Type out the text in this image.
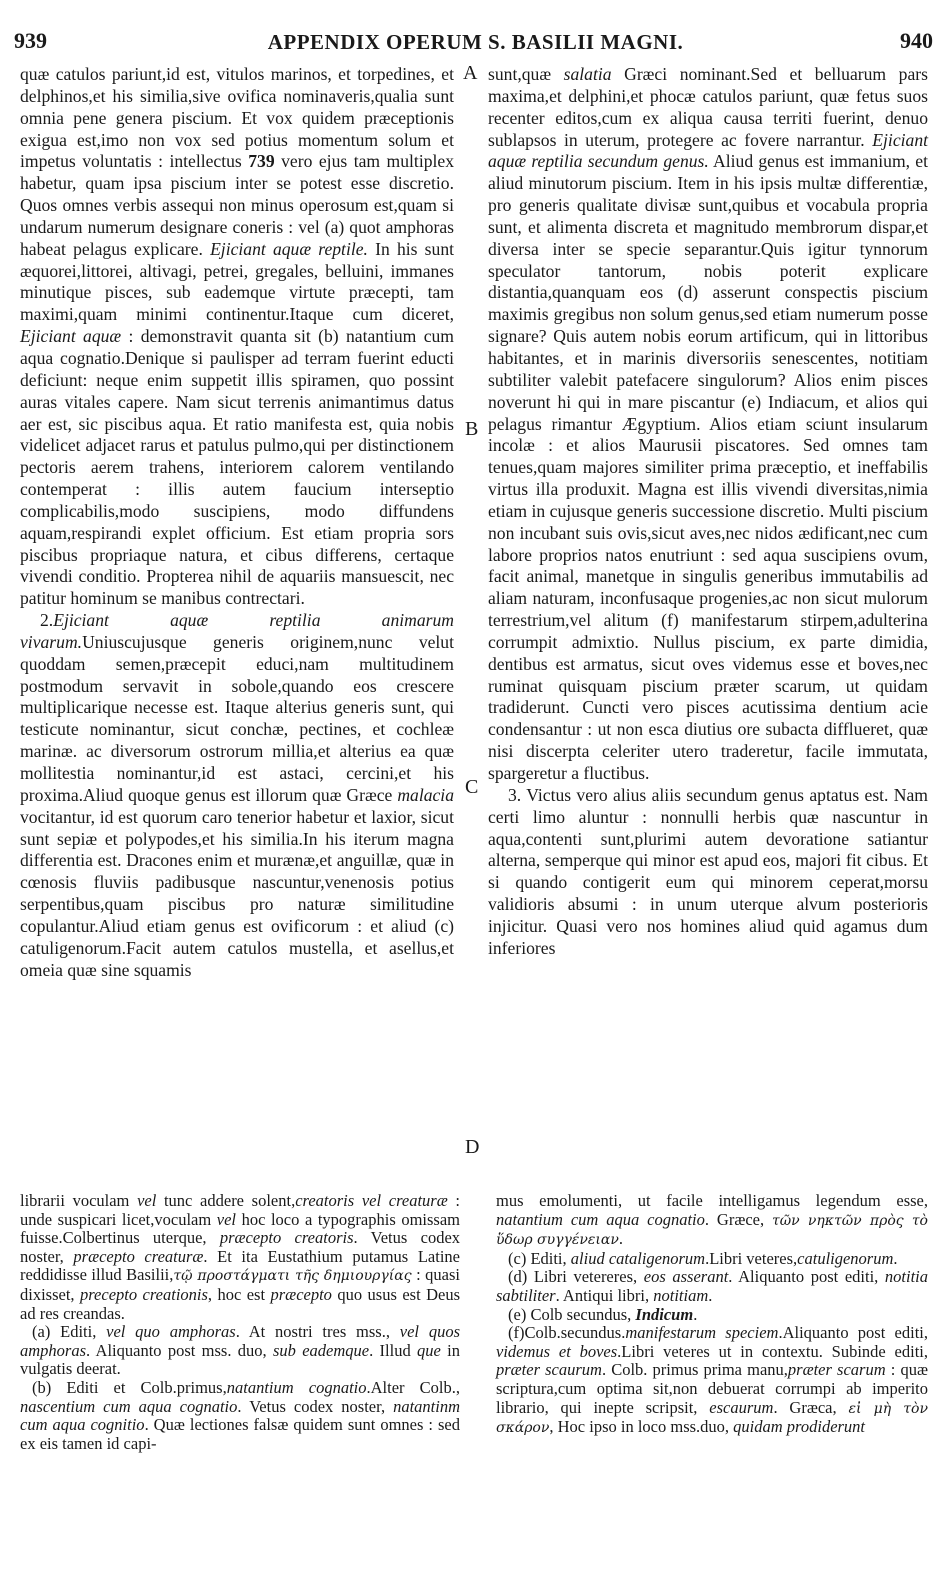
939	APPENDIX OPERUM S. BASILII MAGNI.	940

quæ catulos pariunt,id est, vitulos marinos, et torpedines, et delphinos,et his similia,sive ovifica nominaveris,qualia sunt omnia pene genera piscium. Et vox quidem præceptionis exigua est,imo non vox sed potius momentum solum et impetus voluntatis : intellectus 739 vero ejus tam multiplex habetur, quam ipsa piscium inter se potest esse discretio. Quos omnes verbis assequi non minus operosum est,quam si undarum numerum designare coneris : vel (a) quot amphoras habeat pelagus explicare. Ejiciant aquæ reptile. In his sunt æquorei,littorei, altivagi, petrei, gregales, belluini, immanes minutique pisces, sub eademque virtute præcepti, tam maximi,quam minimi continentur.Itaque cum diceret, Ejiciant aquæ : demonstravit quanta sit (b) natantium cum aqua cognatio.Denique si paulisper ad terram fuerint educti deficiunt: neque enim suppetit illis spiramen, quo possint auras vitales capere. Nam sicut terrenis animantimus datus aer est, sic piscibus aqua. Et ratio manifesta est, quia nobis videlicet adjacet rarus et patulus pulmo,qui per distinctionem pectoris aerem trahens, interiorem calorem ventilando contemperat : illis autem faucium interseptio complicabilis,modo suscipiens, modo diffundens aquam,respirandi explet officium. Est etiam propria sors piscibus propriaque natura, et cibus differens, certaque vivendi conditio. Propterea nihil de aquariis mansuescit, nec patitur hominum se manibus contrectari.

2.Ejiciant aquæ reptilia animarum vivarum.Uniuscujusque generis originem,nunc velut quoddam semen,præcepit educi,nam multitudinem postmodum servavit in sobole,quando eos crescere multiplicarique necesse est. Itaque alterius generis sunt, qui testicute nominantur, sicut conchæ, pectines, et cochleæ marinæ. ac diversorum ostrorum millia,et alterius ea quæ mollitestia nominantur,id est astaci, cercini,et his proxima.Aliud quoque genus est illorum quæ Græce malacia vocitantur, id est quorum caro tenerior habetur et laxior, sicut sunt sepiæ et polypodes,et his similia.In his iterum magna differentia est. Dracones enim et murænæ,et anguillæ, quæ in cœnosis fluviis padibusque nascuntur,venenosis potius serpentibus,quam piscibus pro naturæ similitudine copulantur.Aliud etiam genus est ovificorum : et aliud (c) catuligenorum.Facit autem catulos mustella, et asellus,et omeia quæ sine squamis

sunt,quæ salatia Græci nominant.Sed et belluarum pars maxima,et delphini,et phocæ catulos pariunt, quæ fetus suos recenter editos,cum ex aliqua causa territi fuerint, denuo sublapsos in uterum, protegere ac fovere narrantur. Ejiciant aquæ reptilia secundum genus. Aliud genus est immanium, et aliud minutorum piscium. Item in his ipsis multæ differentiæ, pro generis qualitate divisæ sunt,quibus et vocabula propria sunt, et alimenta discreta et magnitudo membrorum dispar,et diversa inter se specie separantur.Quis igitur tynnorum speculator tantorum, nobis poterit explicare distantia,quanquam eos (d) asserunt conspectis piscium maximis gregibus non solum genus,sed etiam numerum posse signare? Quis autem nobis eorum artificum, qui in littoribus habitantes, et in marinis diversoriis senescentes, notitiam subtiliter valebit patefacere singulorum? Alios enim pisces noverunt hi qui in mare piscantur (e) Indiacum, et alios qui pelagus rimantur Ægyptium. Alios etiam sciunt insularum incolæ : et alios Maurusii piscatores. Sed omnes tam tenues,quam majores similiter prima præceptio, et ineffabilis virtus illa produxit. Magna est illis vivendi diversitas,nimia etiam in cujusque generis successione discretio. Multi piscium non incubant suis ovis,sicut aves,nec nidos ædificant,nec cum labore proprios natos enutriunt : sed aqua suscipiens ovum, facit animal, manetque in singulis generibus immutabilis ad aliam naturam, inconfusaque progenies,ac non sicut mulorum terrestrium,vel alitum (f) manifestarum stirpem,adulterina corrumpit admixtio. Nullus piscium, ex parte dimidia, dentibus est armatus, sicut oves videmus esse et boves,nec ruminat quisquam piscium præter scarum, ut quidam tradiderunt. Cuncti vero pisces acutissima dentium acie condensantur : ut non esca diutius ore subacta diffluеret, quæ nisi discerpta celeriter utero traderetur, facile immutata, spargeretur a fluctibus.

3. Victus vero alius aliis secundum genus aptatus est. Nam certi limo aluntur : nonnulli herbis quæ nascuntur in aqua,contenti sunt,plurimi autem devoratione satiantur alterna, semperque qui minor est apud eos, majori fit cibus. Et si quando contigerit eum qui minorem ceperat,morsu validioris absumi : in unum uterque alvum posterioris injicitur. Quasi vero nos homines aliud quid agamus dum inferiores

A
B
C
D

librarii voculam vel tunc addere solent,creatoris vel creaturæ : unde suspicari licet,voculam vel hoc loco a typographis omissam fuisse.Colbertinus uterque, præcepto creatoris. Vetus codex noster, præcepto creaturæ. Et ita Eustathium putamus Latine reddidisse illud Basilii,τῷ προστάγματι τῆς δημιουργίας : quasi dixisset, precepto creationis, hoc est præcepto quo usus est Deus ad res creandas.

(a) Editi, vel quo amphoras. At nostri tres mss., vel quos amphoras. Aliquanto post mss. duo, sub eademque. Illud que in vulgatis deerat.

(b) Editi et Colb.primus,natantium cognatio.Alter Colb., nascentium cum aqua cognatio. Vetus codex noster, natantinm cum aqua cognitio. Quæ lectiones falsæ quidem sunt omnes : sed ex eis tamen id capi-

mus emolumenti, ut facile intelligamus legendum esse, natantium cum aqua cognatio. Græce, τῶν νηκτῶν πρὸς τὸ ὕδωρ συγγένειαν.

(c) Editi, aliud cataligenorum.Libri veteres,catuligenorum.

(d) Libri vetereres, eos asserant. Aliquanto post editi, notitia sabtiliter. Antiqui libri, notitiam.

(e) Colb secundus, Indicum.

(f)Colb.secundus.manifestarum speciem.Aliquanto post editi, videmus et boves.Libri veteres ut in contextu. Subinde editi, præter scaurum. Colb. primus prima manu,præter scarum : quæ scriptura,cum optima sit,non debuerat corrumpi ab imperito librario, qui inepte scripsit, escaurum. Græca, εἰ μὴ τὸν σκάρον, Hoc ipso in loco mss.duo, quidam prodiderunt
